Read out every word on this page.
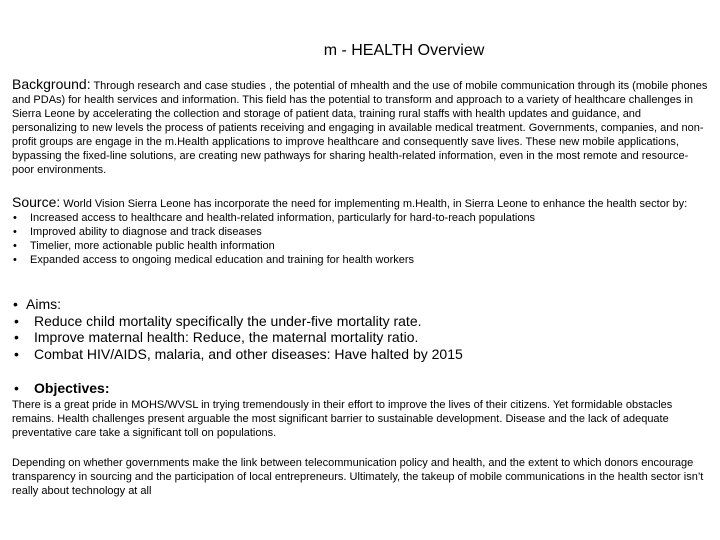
m - HEALTH Overview
Background: Through research and case studies , the potential of mhealth and the use of mobile communication through its (mobile phones and PDAs) for health services and information. This field has the potential to transform and approach to a variety of healthcare challenges in Sierra Leone by accelerating the collection and storage of patient data, training rural staffs with health updates and guidance, and personalizing to new levels the process of patients receiving and engaging in available medical treatment. Governments, companies, and non-profit groups are engage in the m.Health applications to improve healthcare and consequently save lives. These new mobile applications, bypassing the fixed-line solutions, are creating new pathways for sharing health-related information, even in the most remote and resource-poor environments.
Source: World Vision Sierra Leone has incorporate the need for implementing m.Health, in Sierra Leone to enhance the health sector by:
• Increased access to healthcare and health-related information, particularly for hard-to-reach populations
• Improved ability to diagnose and track diseases
• Timelier, more actionable public health information
• Expanded access to ongoing medical education and training for health workers
• Aims:
• Reduce child mortality specifically the under-five mortality rate.
• Improve maternal health: Reduce, the maternal mortality ratio.
• Combat HIV/AIDS, malaria, and other diseases: Have halted by 2015
• Objectives:
There is a great pride in MOHS/WVSL in trying tremendously in their effort to improve the lives of their citizens. Yet formidable obstacles remains. Health challenges present arguable the most significant barrier to sustainable development. Disease and the lack of adequate preventative care take a significant toll on populations.
Depending on whether governments make the link between telecommunication policy and health, and the extent to which donors encourage transparency in sourcing and the participation of local entrepreneurs. Ultimately, the takeup of mobile communications in the health sector isn’t really about technology at all
